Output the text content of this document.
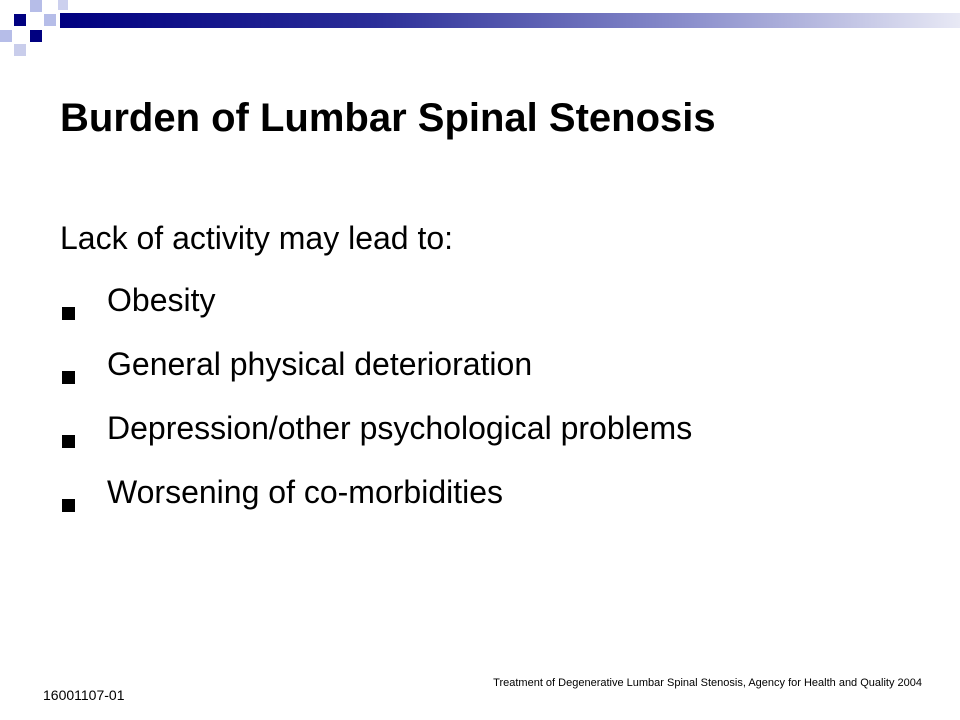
Burden of Lumbar Spinal Stenosis
Lack of activity may lead to:
Obesity
General physical deterioration
Depression/other psychological problems
Worsening of co-morbidities
16001107-01
Treatment of Degenerative Lumbar Spinal Stenosis, Agency for Health and Quality 2004
